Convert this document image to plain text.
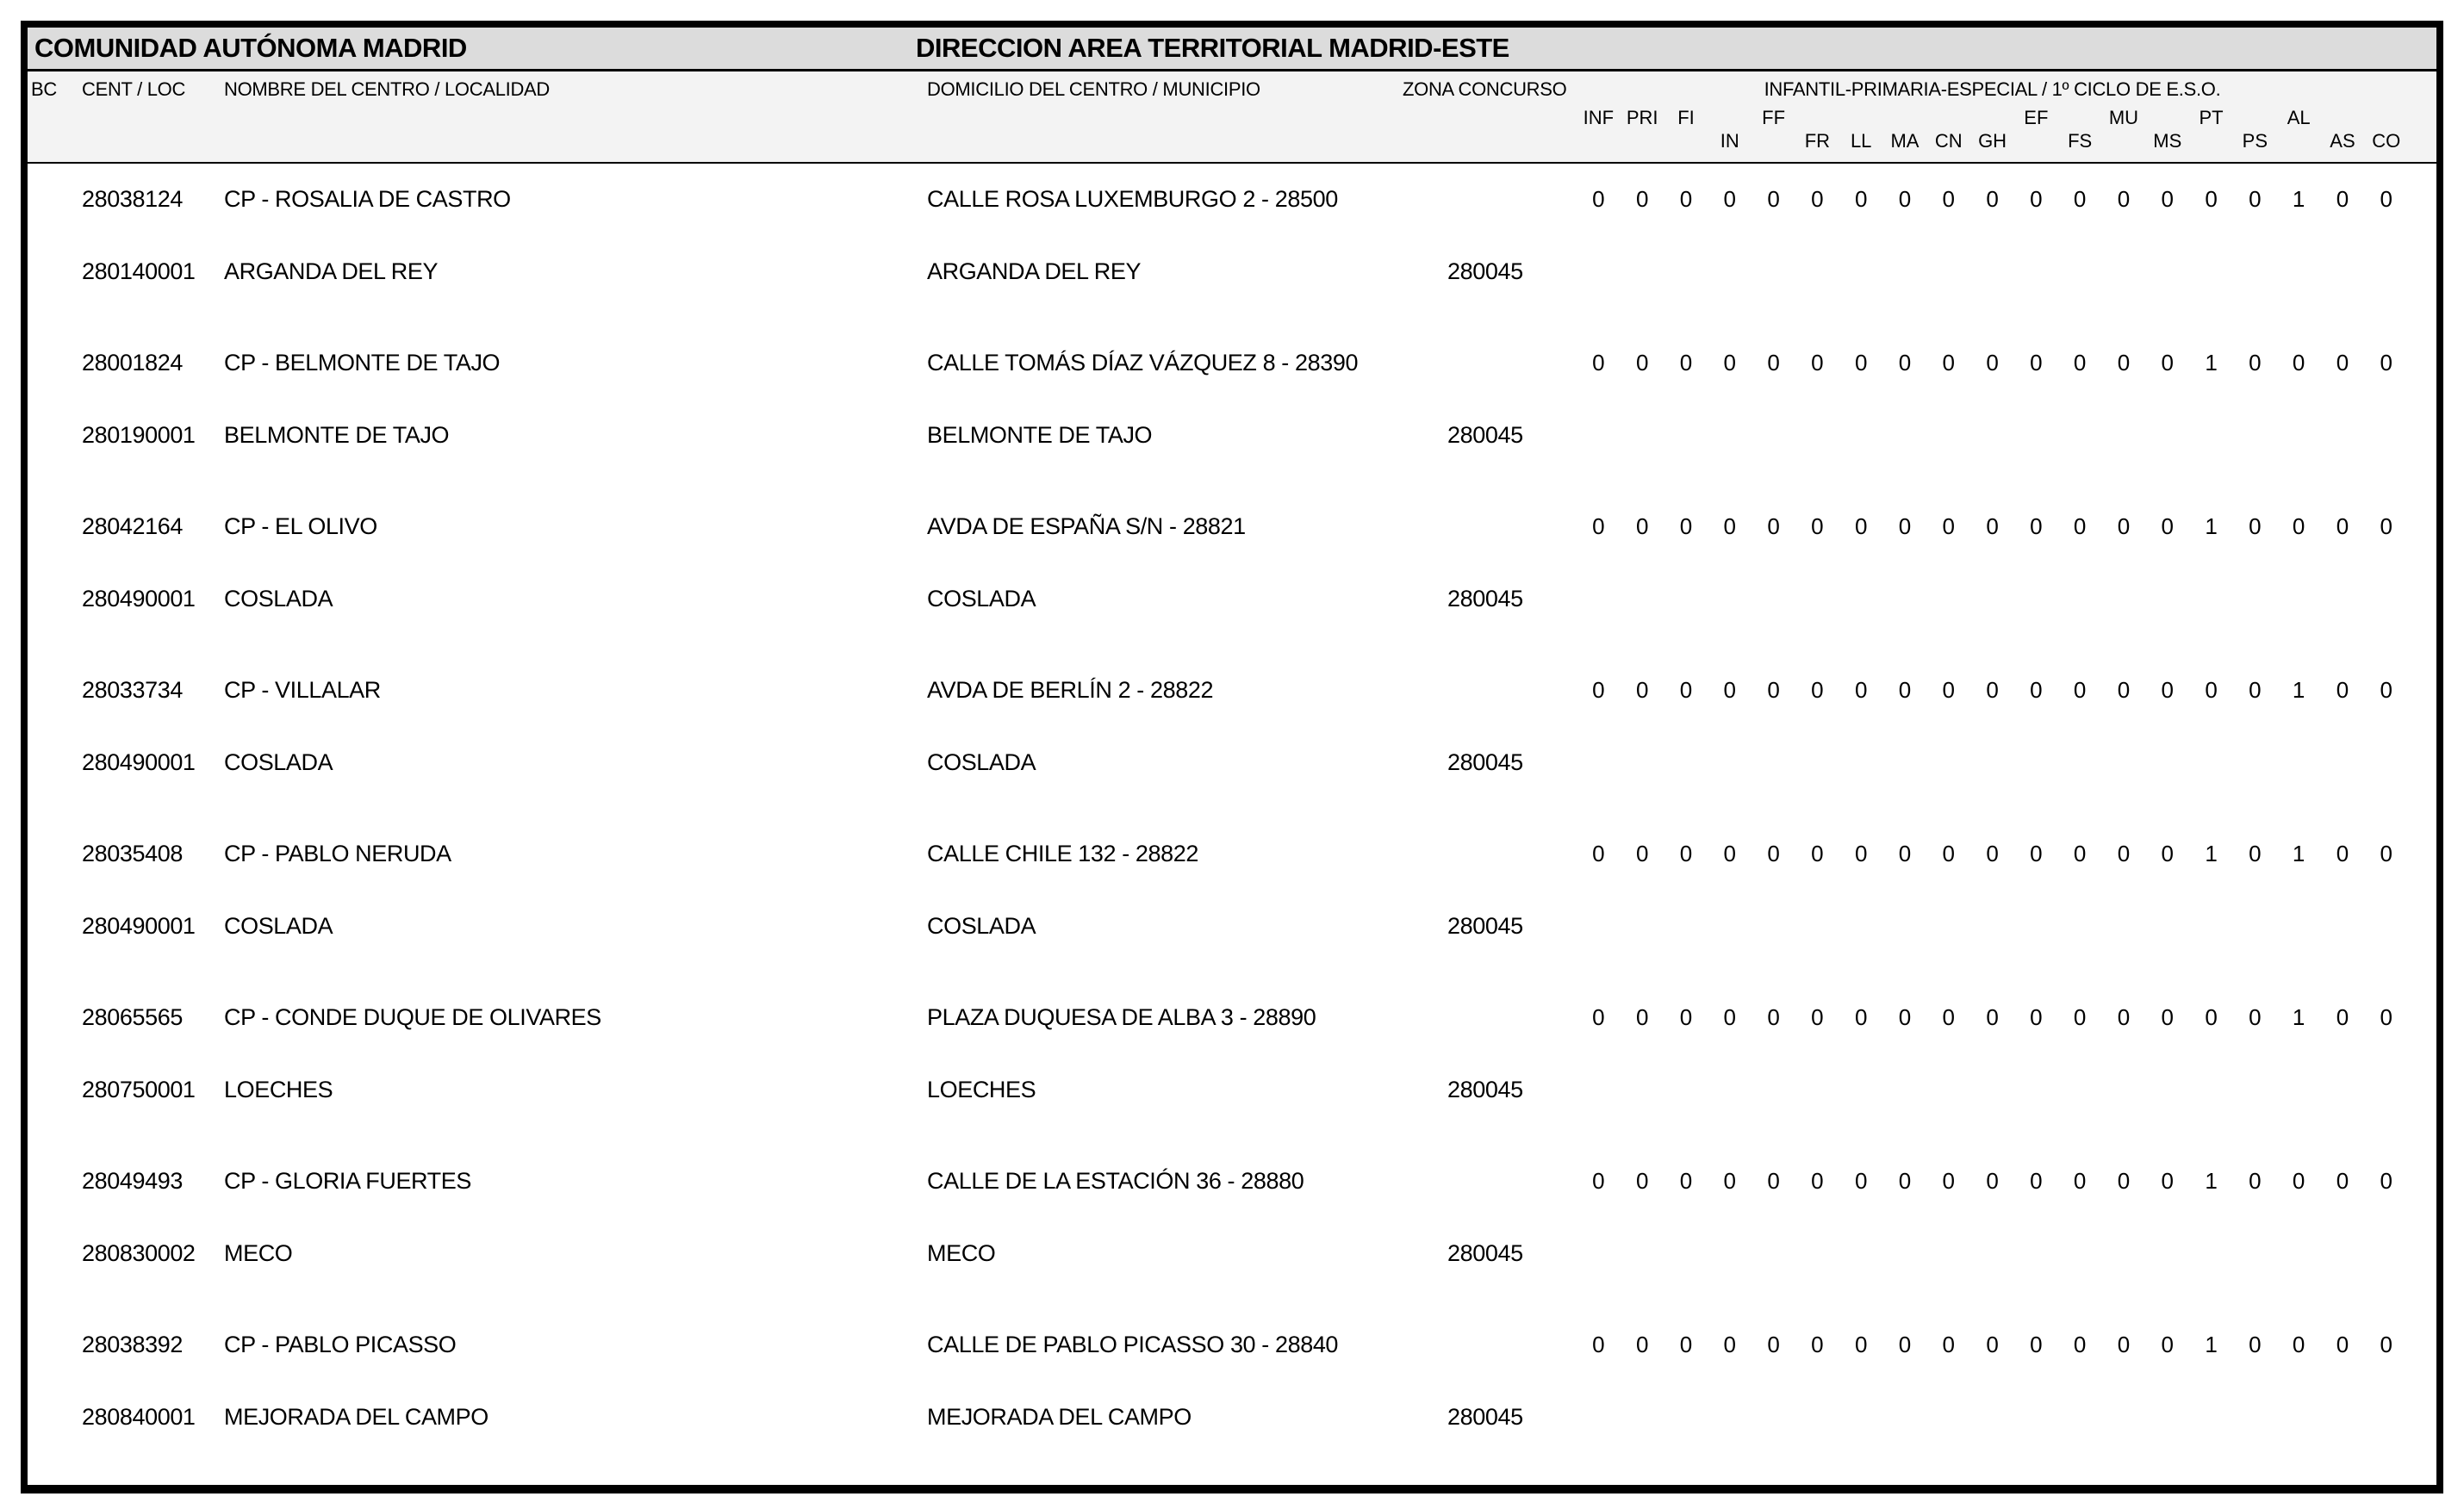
COMUNIDAD AUTÓNOMA MADRID	DIRECCION AREA TERRITORIAL MADRID-ESTE
BC CENT / LOC NOMBRE DEL CENTRO / LOCALIDAD	DOMICILIO DEL CENTRO / MUNICIPIO	ZONA CONCURSO	INFANTIL-PRIMARIA-ESPECIAL / 1º CICLO DE E.S.O.
INF PRI	FI	FF	EF	MU	PT	AL
IN	FR	LL	MA CN GH	FS	MS	PS	AS CO
28038124 CP - ROSALIA DE CASTRO	CALLE ROSA LUXEMBURGO 2 - 28500	0	0	0	0	0	0	0	0	0	0	0	0	0	0	0	0	1	0	0
280140001 ARGANDA DEL REY	ARGANDA DEL REY	280045
28001824 CP - BELMONTE DE TAJO	CALLE TOMÁS DÍAZ VÁZQUEZ 8 - 28390	0	0	0	0	0	0	0	0	0	0	0	0	0	0	1	0	0	0	0
280190001 BELMONTE DE TAJO	BELMONTE DE TAJO	280045
28042164 CP - EL OLIVO	AVDA DE ESPAÑA S/N - 28821	0	0	0	0	0	0	0	0	0	0	0	0	0	0	1	0	0	0	0
280490001 COSLADA	COSLADA	280045
28033734 CP - VILLALAR	AVDA DE BERLÍN 2 - 28822	0	0	0	0	0	0	0	0	0	0	0	0	0	0	0	0	1	0	0
280490001 COSLADA	COSLADA	280045
28035408 CP - PABLO NERUDA	CALLE CHILE 132 - 28822	0	0	0	0	0	0	0	0	0	0	0	0	0	0	1	0	1	0	0
280490001 COSLADA	COSLADA	280045
28065565 CP - CONDE DUQUE DE OLIVARES	PLAZA DUQUESA DE ALBA 3 - 28890	0	0	0	0	0	0	0	0	0	0	0	0	0	0	0	0	1	0	0
280750001 LOECHES	LOECHES	280045
28049493 CP - GLORIA FUERTES	CALLE DE LA ESTACIÓN 36 - 28880	0	0	0	0	0	0	0	0	0	0	0	0	0	0	1	0	0	0	0
280830002 MECO	MECO	280045
28038392 CP - PABLO PICASSO	CALLE DE PABLO PICASSO 30 - 28840	0	0	0	0	0	0	0	0	0	0	0	0	0	0	1	0	0	0	0
280840001 MEJORADA DEL CAMPO	MEJORADA DEL CAMPO	280045
